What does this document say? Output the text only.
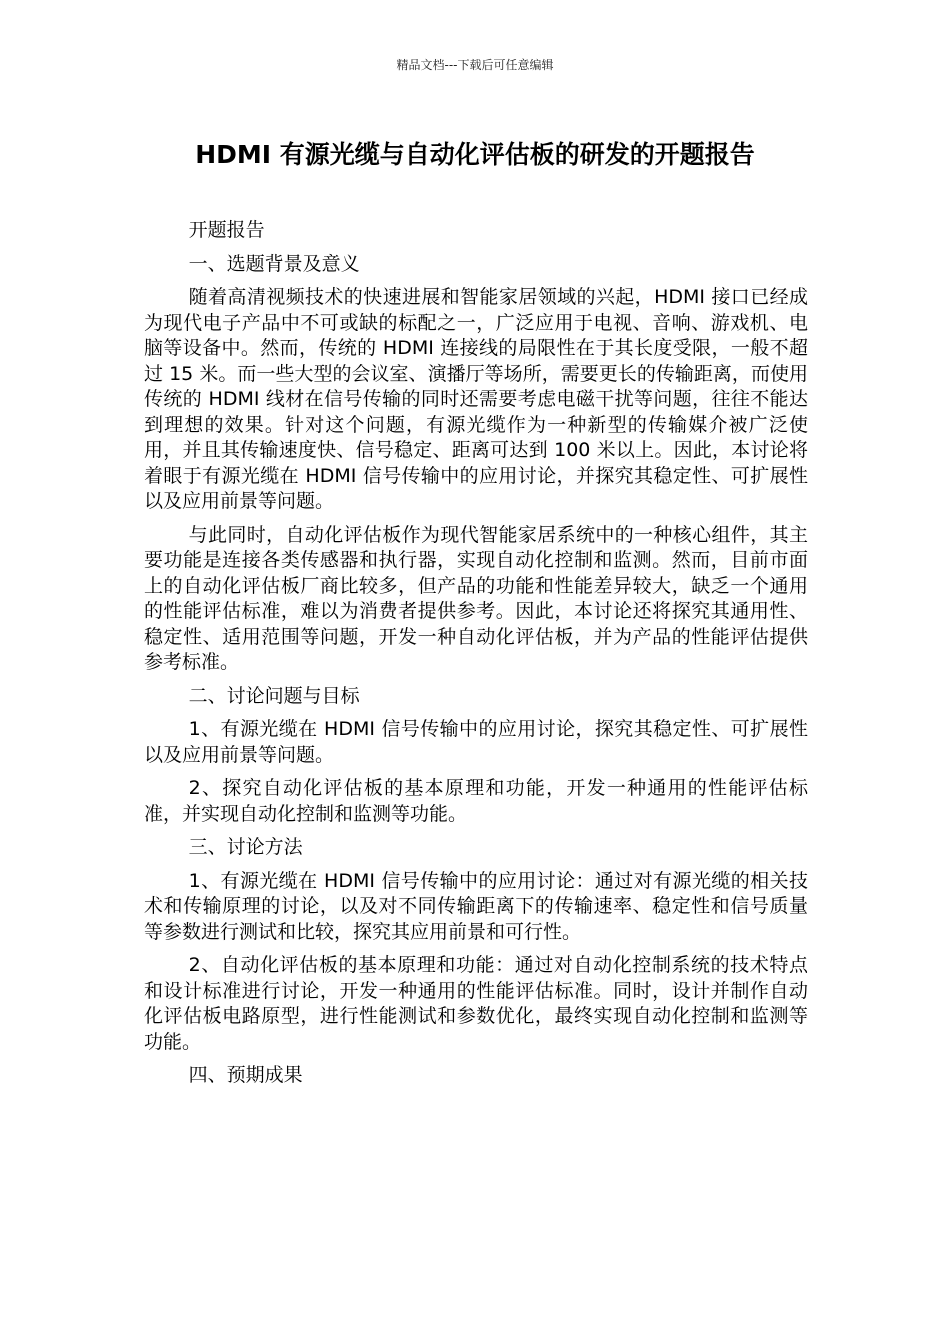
精品文档---下载后可任意编辑
HDMI 有源光缆与自动化评估板的研发的开题报告
开题报告
一、选题背景及意义
随着高清视频技术的快速进展和智能家居领域的兴起，HDMI 接口已经成为现代电子产品中不可或缺的标配之一，广泛应用于电视、音响、游戏机、电脑等设备中。然而，传统的 HDMI 连接线的局限性在于其长度受限，一般不超过 15 米。而一些大型的会议室、演播厅等场所，需要更长的传输距离，而使用传统的 HDMI 线材在信号传输的同时还需要考虑电磁干扰等问题，往往不能达到理想的效果。针对这个问题，有源光缆作为一种新型的传输媒介被广泛使用，并且其传输速度快、信号稳定、距离可达到 100 米以上。因此，本讨论将着眼于有源光缆在 HDMI 信号传输中的应用讨论，并探究其稳定性、可扩展性以及应用前景等问题。
与此同时，自动化评估板作为现代智能家居系统中的一种核心组件，其主要功能是连接各类传感器和执行器，实现自动化控制和监测。然而，目前市面上的自动化评估板厂商比较多，但产品的功能和性能差异较大，缺乏一个通用的性能评估标准，难以为消费者提供参考。因此，本讨论还将探究其通用性、稳定性、适用范围等问题，开发一种自动化评估板，并为产品的性能评估提供参考标准。
二、讨论问题与目标
1、有源光缆在 HDMI 信号传输中的应用讨论，探究其稳定性、可扩展性以及应用前景等问题。
2、探究自动化评估板的基本原理和功能，开发一种通用的性能评估标准，并实现自动化控制和监测等功能。
三、讨论方法
1、有源光缆在 HDMI 信号传输中的应用讨论：通过对有源光缆的相关技术和传输原理的讨论，以及对不同传输距离下的传输速率、稳定性和信号质量等参数进行测试和比较，探究其应用前景和可行性。
2、自动化评估板的基本原理和功能：通过对自动化控制系统的技术特点和设计标准进行讨论，开发一种通用的性能评估标准。同时，设计并制作自动化评估板电路原型，进行性能测试和参数优化，最终实现自动化控制和监测等功能。
四、预期成果
